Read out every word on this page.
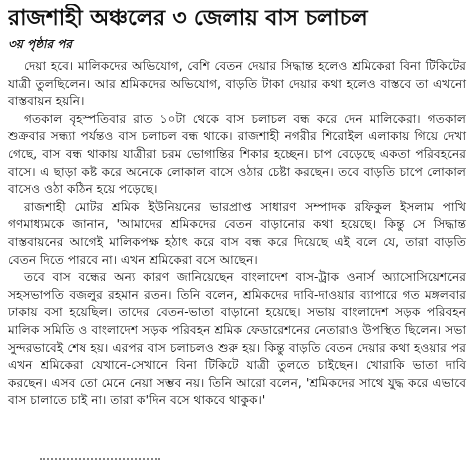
রাজশাহী অঞ্চলের ৩ জেলায় বাস চলাচল
৩য় পৃষ্ঠার পর

দেয়া হবে। মালিকদের অভিযোগ, বেশি বেতন দেয়ার সিদ্ধান্ত হলেও শ্রমিকেরা বিনা টিকিটের যাত্রী তুলছিলেন। আর শ্রমিকদের অভিযোগ, বাড়তি টাকা দেয়ার কথা হলেও বাস্তবে তা এখনো বাস্তবায়ন হয়নি।

গতকাল বৃহস্পতিবার রাত ১০টা থেকে বাস চলাচল বন্ধ করে দেন মালিকেরা। গতকাল শুক্রবার সন্ধ্যা পর্যন্তও বাস চলাচল বন্ধ থাকে। রাজশাহী নগরীর শিরোইল এলাকায় গিয়ে দেখা গেছে, বাস বন্ধ থাকায় যাত্রীরা চরম ভোগান্তির শিকার হচ্ছেন। চাপ বেড়েছে একতা পরিবহনের বাসে। এ ছাড়া কষ্ট করে অনেকে লোকাল বাসে ওঠার চেষ্টা করছেন। তবে বাড়তি চাপে লোকাল বাসেও ওঠা কঠিন হয়ে পড়েছে।

রাজশাহী মোটর শ্রমিক ইউনিয়নের ভারপ্রাপ্ত সাধারণ সম্পাদক রফিকুল ইসলাম পাখি গণমাধ্যমকে জানান, 'আমাদের শ্রমিকদের বেতন বাড়ানোর কথা হয়েছে। কিন্তু সে সিদ্ধান্ত বাস্তবায়নের আগেই মালিকপক্ষ হঠাৎ করে বাস বন্ধ করে দিয়েছে এই বলে যে, তারা বাড়তি বেতন দিতে পারবে না। এখন শ্রমিকেরা বসে আছেন।

তবে বাস বন্ধের অন্য কারণ জানিয়েছেন বাংলাদেশ বাস-ট্রাক ওনার্স অ্যাসোসিয়েশনের সহসভাপতি বজলুর রহমান রতন। তিনি বলেন, শ্রমিকদের দাবি-দাওয়ার ব্যাপারে গত মঙ্গলবার ঢাকায় বসা হয়েছিল। তাদের বেতন-ভাতা বাড়ানো হয়েছে। সভায় বাংলাদেশ সড়ক পরিবহন মালিক সমিতি ও বাংলাদেশ সড়ক পরিবহন শ্রমিক ফেডারেশনের নেতারাও উপস্থিত ছিলেন। সভা সুন্দরভাবেই শেষ হয়। এরপর বাস চলাচলও শুরু হয়। কিন্তু বাড়তি বেতন দেয়ার কথা হওয়ার পর এখন শ্রমিকেরা যেখানে-সেখানে বিনা টিকিটে যাত্রী তুলতে চাইছেন। খোরাকি ভাতা দাবি করছেন। এসব তো মেনে নেয়া সম্ভব নয়। তিনি আরো বলেন, 'শ্রমিকদের সাথে যুদ্ধ করে এভাবে বাস চালাতে চাই না। তারা ক'দিন বসে থাকবে থাকুক।'
